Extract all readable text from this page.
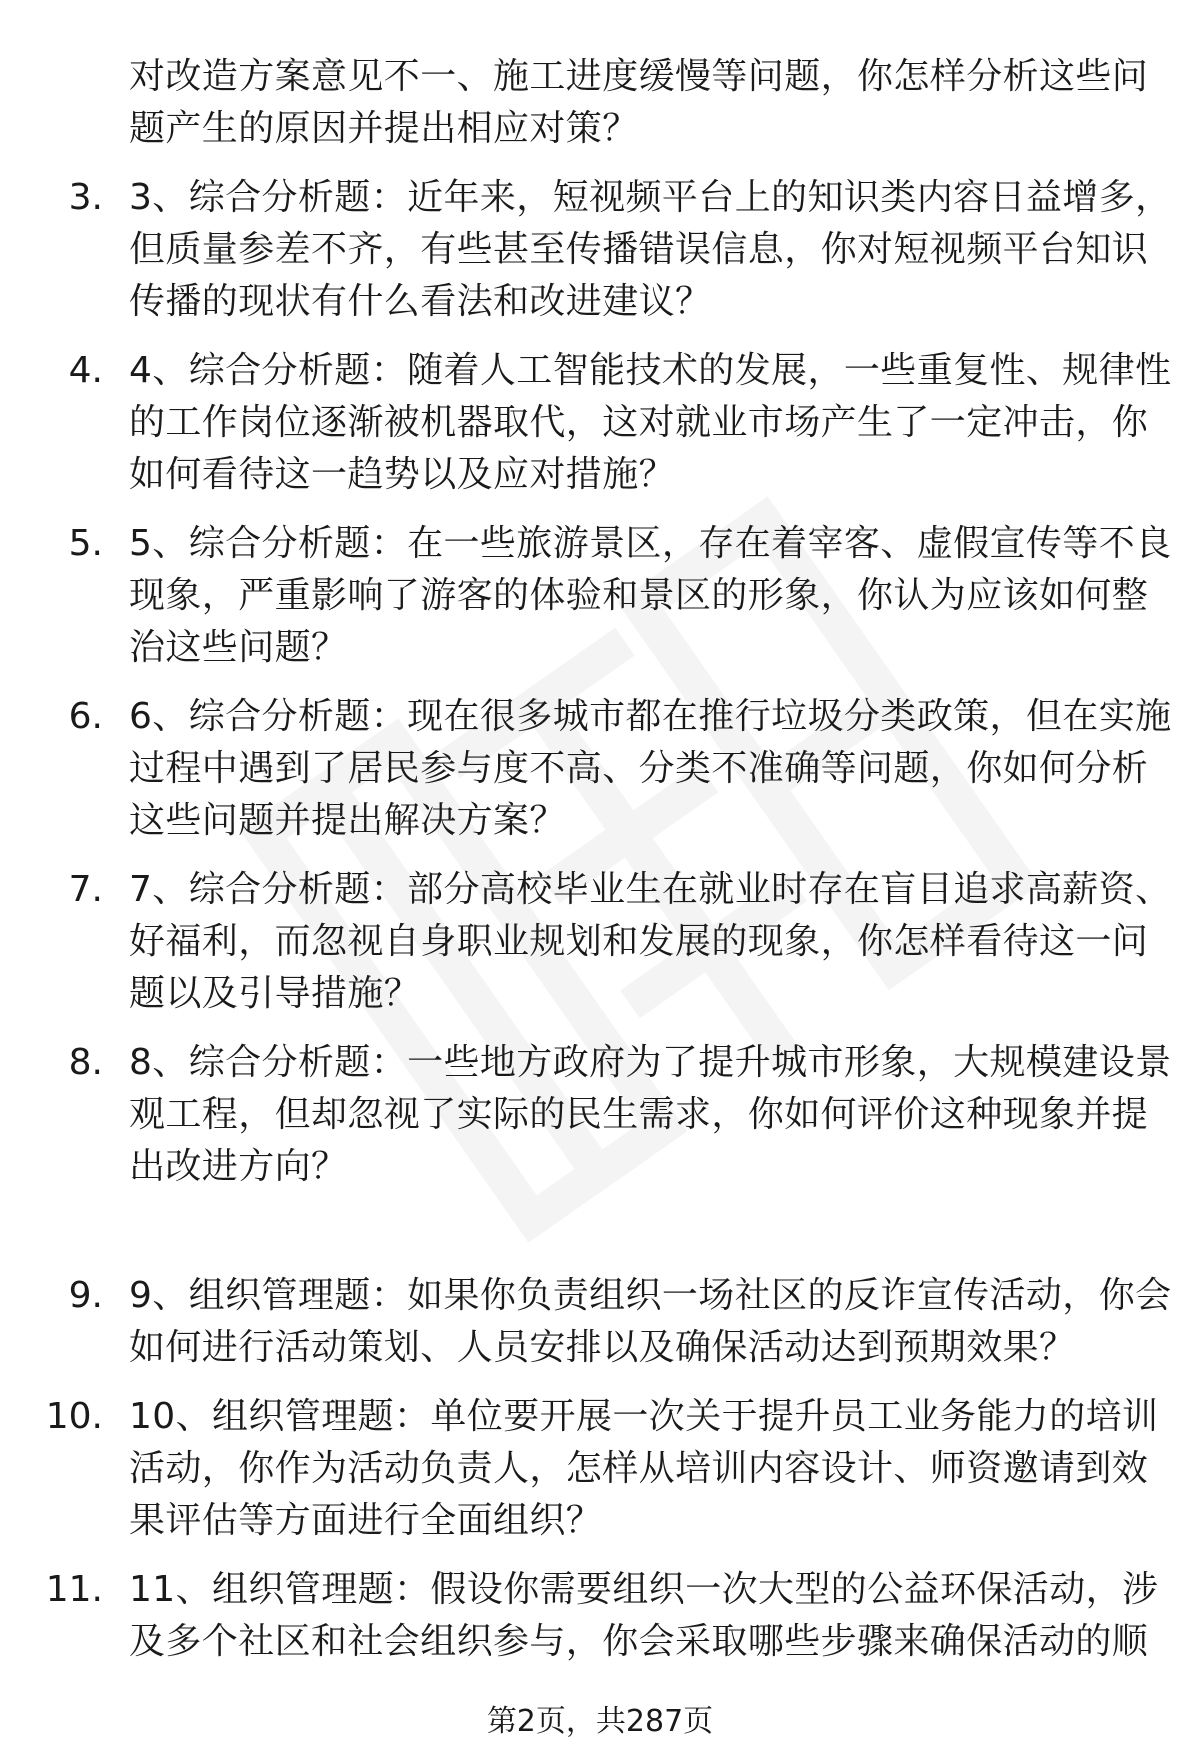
对改造方案意见不一、施工进度缓慢等问题，你怎样分析这些问
题产生的原因并提出相应对策？
3. 3、综合分析题：近年来，短视频平台上的知识类内容日益增多，
但质量参差不齐，有些甚至传播错误信息，你对短视频平台知识
传播的现状有什么看法和改进建议？
4. 4、综合分析题：随着人工智能技术的发展，一些重复性、规律性
的工作岗位逐渐被机器取代，这对就业市场产生了一定冲击，你
如何看待这一趋势以及应对措施？
5. 5、综合分析题：在一些旅游景区，存在着宰客、虚假宣传等不良
现象，严重影响了游客的体验和景区的形象，你认为应该如何整
治这些问题？
6. 6、综合分析题：现在很多城市都在推行垃圾分类政策，但在实施
过程中遇到了居民参与度不高、分类不准确等问题，你如何分析
这些问题并提出解决方案？
7. 7、综合分析题：部分高校毕业生在就业时存在盲目追求高薪资、
好福利，而忽视自身职业规划和发展的现象，你怎样看待这一问
题以及引导措施？
8. 8、综合分析题：一些地方政府为了提升城市形象，大规模建设景
观工程，但却忽视了实际的民生需求，你如何评价这种现象并提
出改进方向？
9. 9、组织管理题：如果你负责组织一场社区的反诈宣传活动，你会
如何进行活动策划、人员安排以及确保活动达到预期效果？
10. 10、组织管理题：单位要开展一次关于提升员工业务能力的培训
活动，你作为活动负责人，怎样从培训内容设计、师资邀请到效
果评估等方面进行全面组织？
11. 11、组织管理题：假设你需要组织一次大型的公益环保活动，涉
及多个社区和社会组织参与，你会采取哪些步骤来确保活动的顺
第2页，共287页
